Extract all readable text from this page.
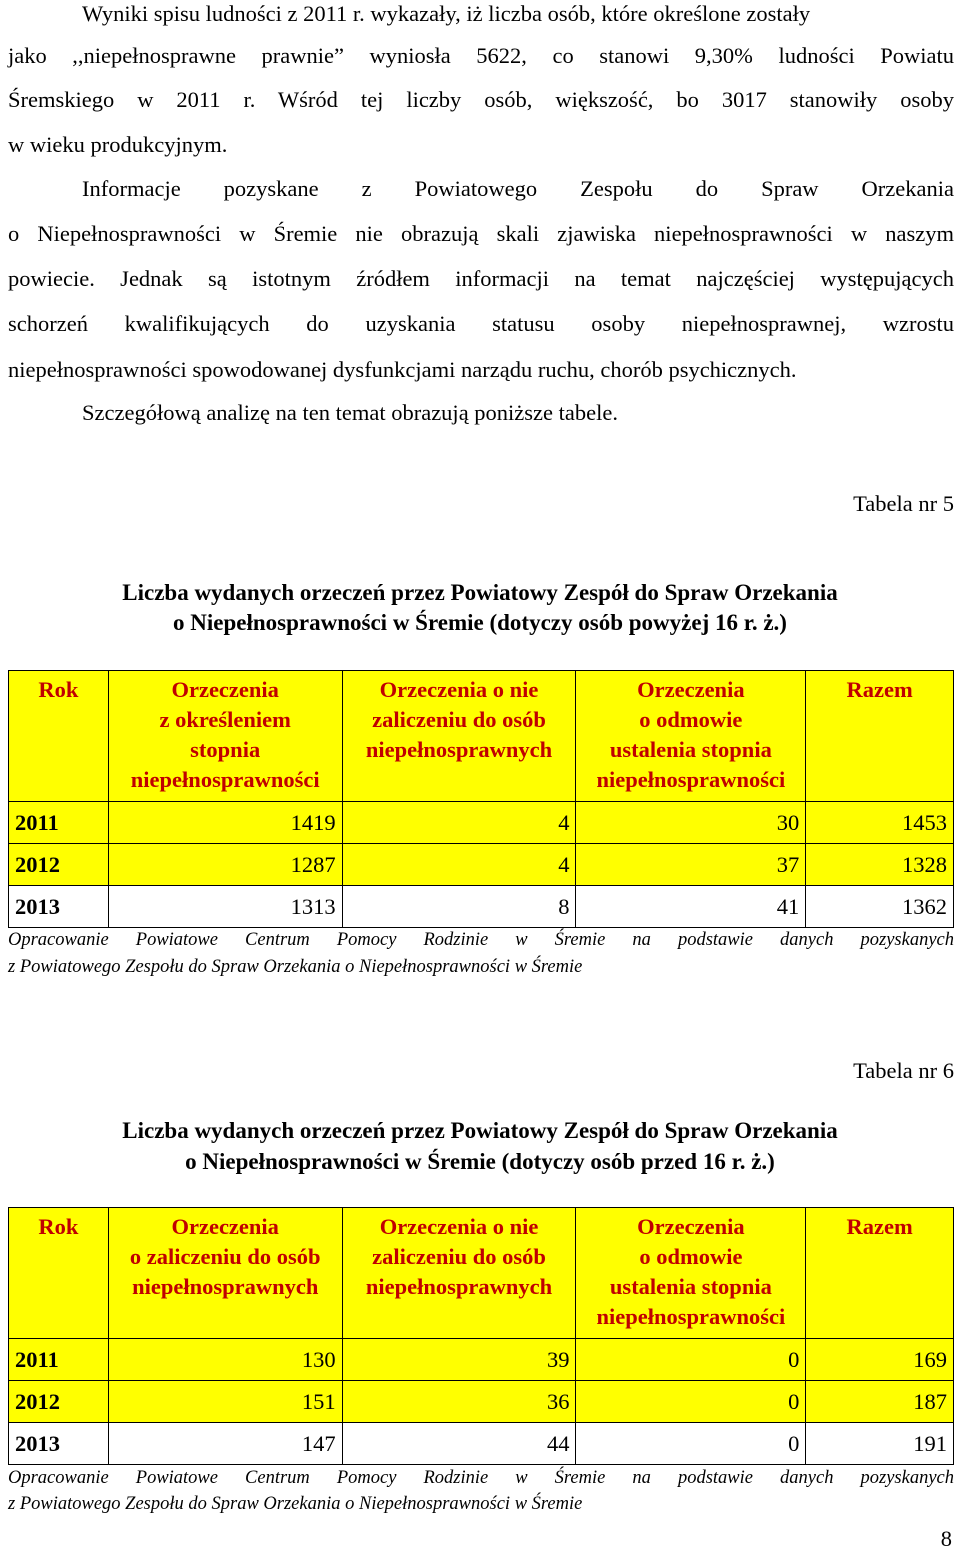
Wyniki spisu ludności z 2011 r. wykazały, iż liczba osób, które określone zostały
jako ,,niepełnosprawne prawnie” wyniosła 5622, co stanowi 9,30% ludności Powiatu
Śremskiego w 2011 r. Wśród tej liczby osób, większość, bo 3017 stanowiły osoby
w wieku produkcyjnym.
Informacje pozyskane z Powiatowego Zespołu do Spraw Orzekania
o Niepełnosprawności w Śremie nie obrazują skali zjawiska niepełnosprawności w naszym
powiecie. Jednak są istotnym źródłem informacji na temat najczęściej występujących
schorzeń kwalifikujących do uzyskania statusu osoby niepełnosprawnej, wzrostu
niepełnosprawności spowodowanej dysfunkcjami narządu ruchu, chorób psychicznych.
Szczegółową analizę na ten temat obrazują poniższe tabele.
Tabela nr 5
Liczba wydanych orzeczeń przez Powiatowy Zespół do Spraw Orzekania
o Niepełnosprawności w Śremie (dotyczy osób powyżej 16 r. ż.)
Rok	Orzeczenia
z określeniem
stopnia
niepełnosprawności	Orzeczenia o nie
zaliczeniu do osób
niepełnosprawnych	Orzeczenia
o odmowie
ustalenia stopnia
niepełnosprawności	Razem
2011	1419	4	30	1453
2012	1287	4	37	1328
2013	1313	8	41	1362
Opracowanie Powiatowe Centrum Pomocy Rodzinie w Śremie na podstawie danych pozyskanych
z Powiatowego Zespołu do Spraw Orzekania o Niepełnosprawności w Śremie
Tabela nr 6
Liczba wydanych orzeczeń przez Powiatowy Zespół do Spraw Orzekania
o Niepełnosprawności w Śremie (dotyczy osób przed 16 r. ż.)
Rok	Orzeczenia
o zaliczeniu do osób
niepełnosprawnych	Orzeczenia o nie
zaliczeniu do osób
niepełnosprawnych	Orzeczenia
o odmowie
ustalenia stopnia
niepełnosprawności	Razem
2011	130	39	0	169
2012	151	36	0	187
2013	147	44	0	191
Opracowanie Powiatowe Centrum Pomocy Rodzinie w Śremie na podstawie danych pozyskanych
z Powiatowego Zespołu do Spraw Orzekania o Niepełnosprawności w Śremie
8
